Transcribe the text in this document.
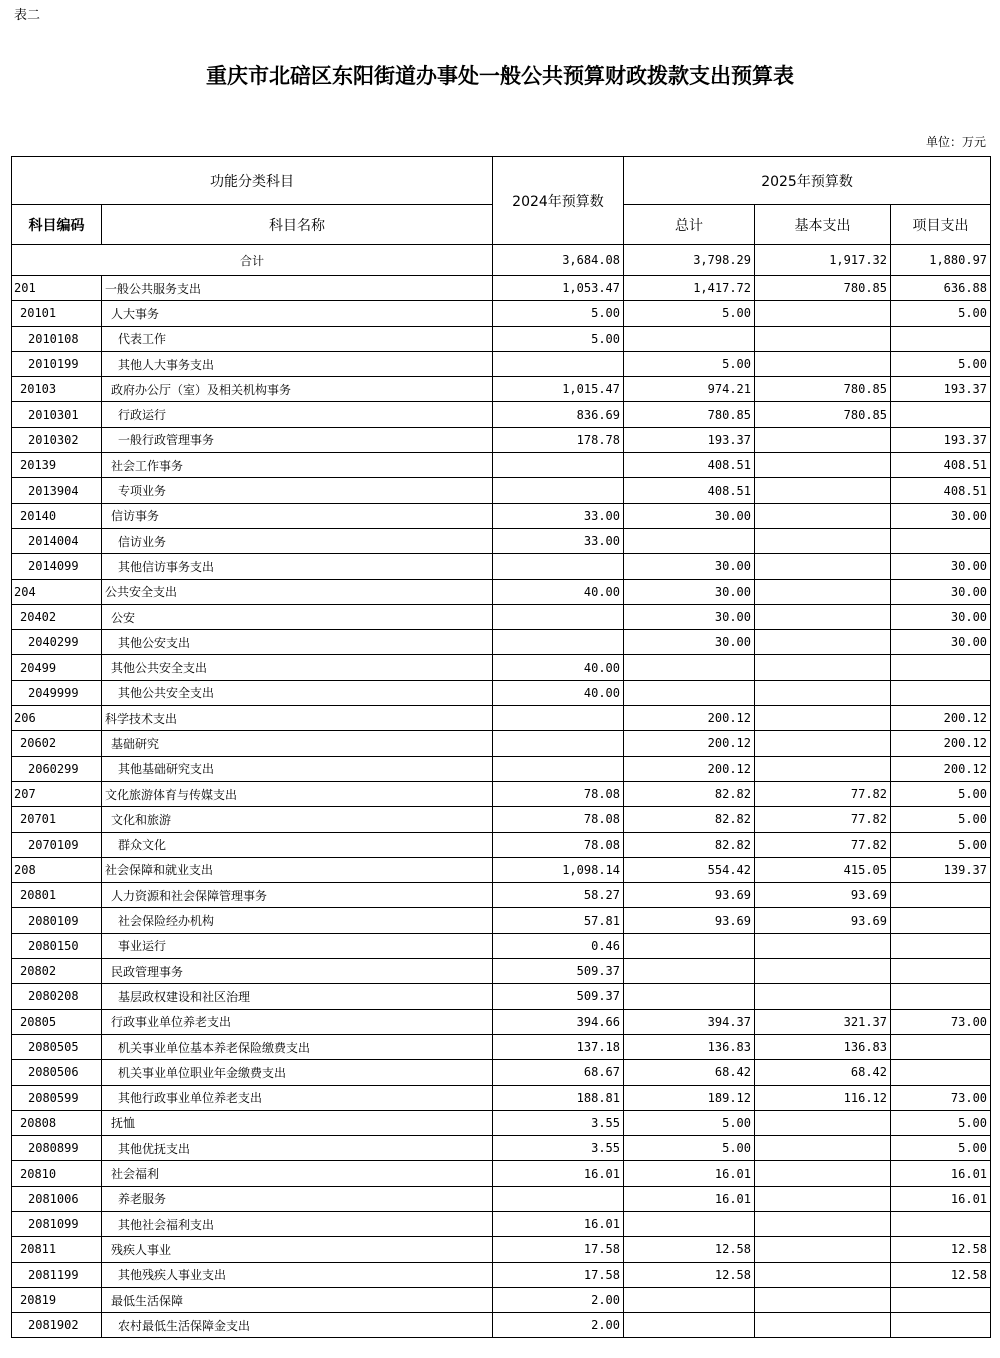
表二
重庆市北碚区东阳街道办事处一般公共预算财政拨款支出预算表
单位：万元
功能分类科目		2024年预算数	2025年预算数		
科目编码	科目名称		总计	基本支出	项目支出
合计		3,684.08	3,798.29	1,917.32	1,880.97
201	一般公共服务支出	1,053.47	1,417.72	780.85	636.88
20101	人大事务	5.00	5.00		5.00
2010108	代表工作	5.00			
2010199	其他人大事务支出		5.00		5.00
20103	政府办公厅（室）及相关机构事务	1,015.47	974.21	780.85	193.37
2010301	行政运行	836.69	780.85	780.85	
2010302	一般行政管理事务	178.78	193.37		193.37
20139	社会工作事务		408.51		408.51
2013904	专项业务		408.51		408.51
20140	信访事务	33.00	30.00		30.00
2014004	信访业务	33.00			
2014099	其他信访事务支出		30.00		30.00
204	公共安全支出	40.00	30.00		30.00
20402	公安		30.00		30.00
2040299	其他公安支出		30.00		30.00
20499	其他公共安全支出	40.00			
2049999	其他公共安全支出	40.00			
206	科学技术支出		200.12		200.12
20602	基础研究		200.12		200.12
2060299	其他基础研究支出		200.12		200.12
207	文化旅游体育与传媒支出	78.08	82.82	77.82	5.00
20701	文化和旅游	78.08	82.82	77.82	5.00
2070109	群众文化	78.08	82.82	77.82	5.00
208	社会保障和就业支出	1,098.14	554.42	415.05	139.37
20801	人力资源和社会保障管理事务	58.27	93.69	93.69	
2080109	社会保险经办机构	57.81	93.69	93.69	
2080150	事业运行	0.46			
20802	民政管理事务	509.37			
2080208	基层政权建设和社区治理	509.37			
20805	行政事业单位养老支出	394.66	394.37	321.37	73.00
2080505	机关事业单位基本养老保险缴费支出	137.18	136.83	136.83	
2080506	机关事业单位职业年金缴费支出	68.67	68.42	68.42	
2080599	其他行政事业单位养老支出	188.81	189.12	116.12	73.00
20808	抚恤	3.55	5.00		5.00
2080899	其他优抚支出	3.55	5.00		5.00
20810	社会福利	16.01	16.01		16.01
2081006	养老服务		16.01		16.01
2081099	其他社会福利支出	16.01			
20811	残疾人事业	17.58	12.58		12.58
2081199	其他残疾人事业支出	17.58	12.58		12.58
20819	最低生活保障	2.00			
2081902	农村最低生活保障金支出	2.00			
